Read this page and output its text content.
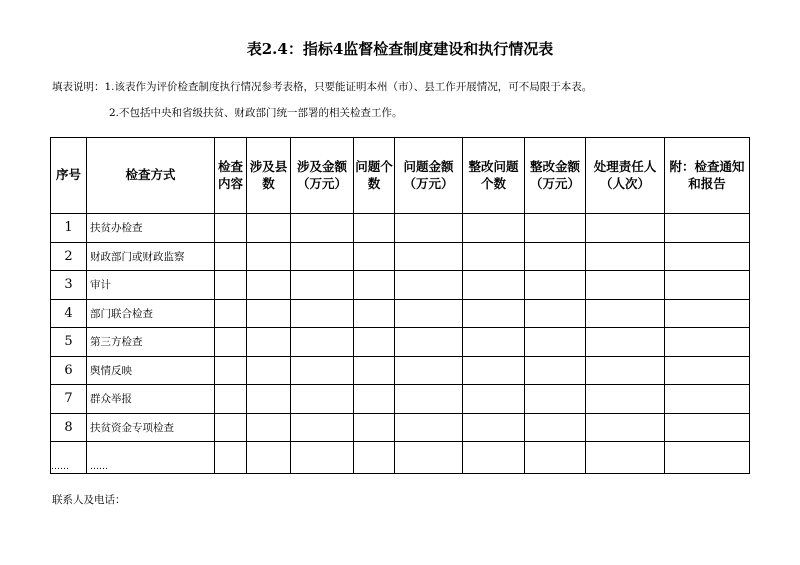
表2.4：指标4监督检查制度建设和执行情况表
填表说明：1.该表作为评价检查制度执行情况参考表格，只要能证明本州（市）、县工作开展情况，可不局限于本表。
2.不包括中央和省级扶贫、财政部门统一部署的相关检查工作。
序号	检查方式	检查内容	涉及县数	涉及金额（万元）	问题个数	问题金额（万元）	整改问题个数	整改金额（万元）	处理责任人（人次）	附：检查通知和报告
1	扶贫办检查									
2	财政部门或财政监察									
3	审计									
4	部门联合检查									
5	第三方检查									
6	舆情反映									
7	群众举报									
8	扶贫资金专项检查									
……	……									
联系人及电话：
